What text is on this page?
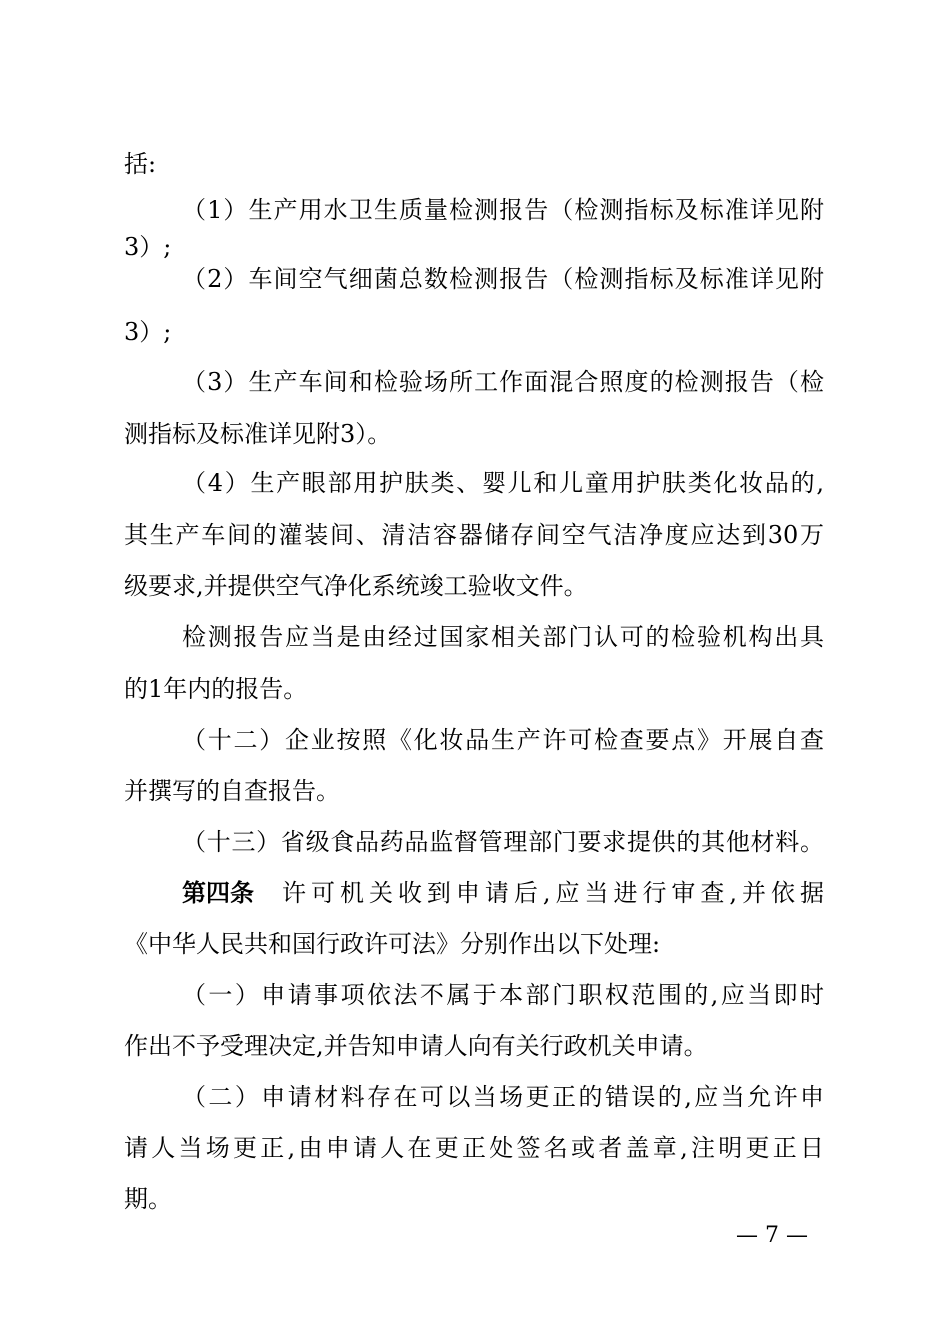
括:
（1）生产用水卫生质量检测报告（检测指标及标准详见附
3）;
（2）车间空气细菌总数检测报告（检测指标及标准详见附
3）;
（3）生产车间和检验场所工作面混合照度的检测报告（检
测指标及标准详见附3）。
（4）生产眼部用护肤类、婴儿和儿童用护肤类化妆品的,
其生产车间的灌装间、清洁容器储存间空气洁净度应达到30万
级要求,并提供空气净化系统竣工验收文件。
检测报告应当是由经过国家相关部门认可的检验机构出具
的1年内的报告。
（十二）企业按照《化妆品生产许可检查要点》开展自查
并撰写的自查报告。
（十三）省级食品药品监督管理部门要求提供的其他材料。
第四条 许可机关收到申请后,应当进行审查,并依据
《中华人民共和国行政许可法》分别作出以下处理:
（一）申请事项依法不属于本部门职权范围的,应当即时
作出不予受理决定,并告知申请人向有关行政机关申请。
（二）申请材料存在可以当场更正的错误的,应当允许申
请人当场更正,由申请人在更正处签名或者盖章,注明更正日
期。
— 7 —
